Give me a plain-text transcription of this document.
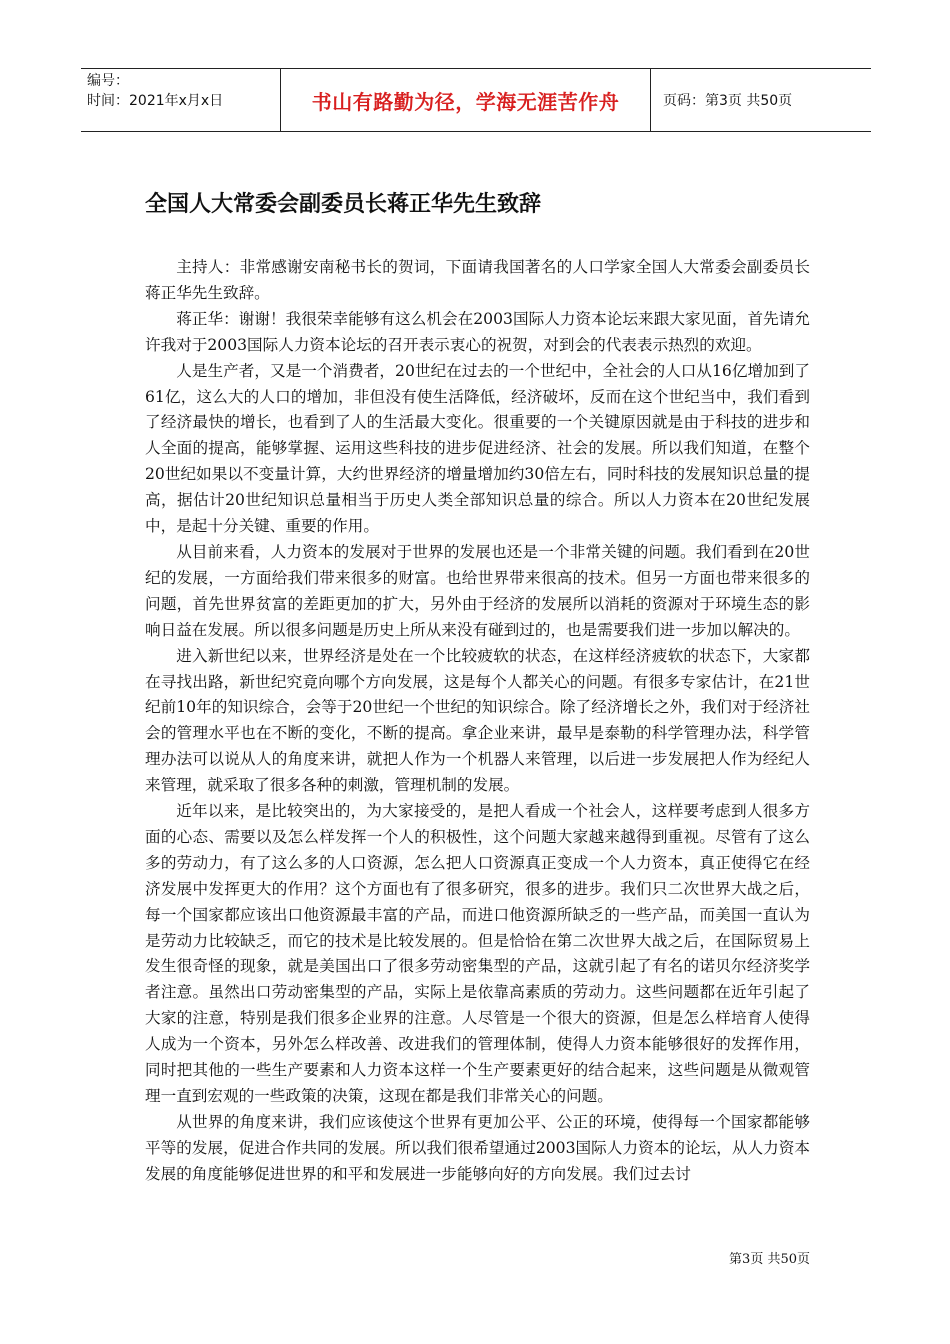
编号：
时间：2021年x月x日	书山有路勤为径，学海无涯苦作舟	页码：第3页 共50页
全国人大常委会副委员长蒋正华先生致辞

主持人：非常感谢安南秘书长的贺词，下面请我国著名的人口学家全国人大常委会副委员长蒋正华先生致辞。

蒋正华：谢谢！我很荣幸能够有这么机会在2003国际人力资本论坛来跟大家见面，首先请允许我对于2003国际人力资本论坛的召开表示衷心的祝贺，对到会的代表表示热烈的欢迎。

人是生产者，又是一个消费者，20世纪在过去的一个世纪中，全社会的人口从16亿增加到了61亿，这么大的人口的增加，非但没有使生活降低，经济破坏，反而在这个世纪当中，我们看到了经济最快的增长，也看到了人的生活最大变化。很重要的一个关键原因就是由于科技的进步和人全面的提高，能够掌握、运用这些科技的进步促进经济、社会的发展。所以我们知道，在整个20世纪如果以不变量计算，大约世界经济的增量增加约30倍左右，同时科技的发展知识总量的提高，据估计20世纪知识总量相当于历史人类全部知识总量的综合。所以人力资本在20世纪发展中，是起十分关键、重要的作用。

从目前来看，人力资本的发展对于世界的发展也还是一个非常关键的问题。我们看到在20世纪的发展，一方面给我们带来很多的财富。也给世界带来很高的技术。但另一方面也带来很多的问题，首先世界贫富的差距更加的扩大，另外由于经济的发展所以消耗的资源对于环境生态的影响日益在发展。所以很多问题是历史上所从来没有碰到过的，也是需要我们进一步加以解决的。

进入新世纪以来，世界经济是处在一个比较疲软的状态，在这样经济疲软的状态下，大家都在寻找出路，新世纪究竟向哪个方向发展，这是每个人都关心的问题。有很多专家估计，在21世纪前10年的知识综合，会等于20世纪一个世纪的知识综合。除了经济增长之外，我们对于经济社会的管理水平也在不断的变化，不断的提高。拿企业来讲，最早是泰勒的科学管理办法，科学管理办法可以说从人的角度来讲，就把人作为一个机器人来管理，以后进一步发展把人作为经纪人来管理，就采取了很多各种的刺激，管理机制的发展。

近年以来，是比较突出的，为大家接受的，是把人看成一个社会人，这样要考虑到人很多方面的心态、需要以及怎么样发挥一个人的积极性，这个问题大家越来越得到重视。尽管有了这么多的劳动力，有了这么多的人口资源，怎么把人口资源真正变成一个人力资本，真正使得它在经济发展中发挥更大的作用？这个方面也有了很多研究，很多的进步。我们只二次世界大战之后，每一个国家都应该出口他资源最丰富的产品，而进口他资源所缺乏的一些产品，而美国一直认为是劳动力比较缺乏，而它的技术是比较发展的。但是恰恰在第二次世界大战之后，在国际贸易上发生很奇怪的现象，就是美国出口了很多劳动密集型的产品，这就引起了有名的诺贝尔经济奖学者注意。虽然出口劳动密集型的产品，实际上是依靠高素质的劳动力。这些问题都在近年引起了大家的注意，特别是我们很多企业界的注意。人尽管是一个很大的资源，但是怎么样培育人使得人成为一个资本，另外怎么样改善、改进我们的管理体制，使得人力资本能够很好的发挥作用，同时把其他的一些生产要素和人力资本这样一个生产要素更好的结合起来，这些问题是从微观管理一直到宏观的一些政策的决策，这现在都是我们非常关心的问题。

从世界的角度来讲，我们应该使这个世界有更加公平、公正的环境，使得每一个国家都能够平等的发展，促进合作共同的发展。所以我们很希望通过2003国际人力资本的论坛，从人力资本发展的角度能够促进世界的和平和发展进一步能够向好的方向发展。我们过去讨

第3页 共50页
